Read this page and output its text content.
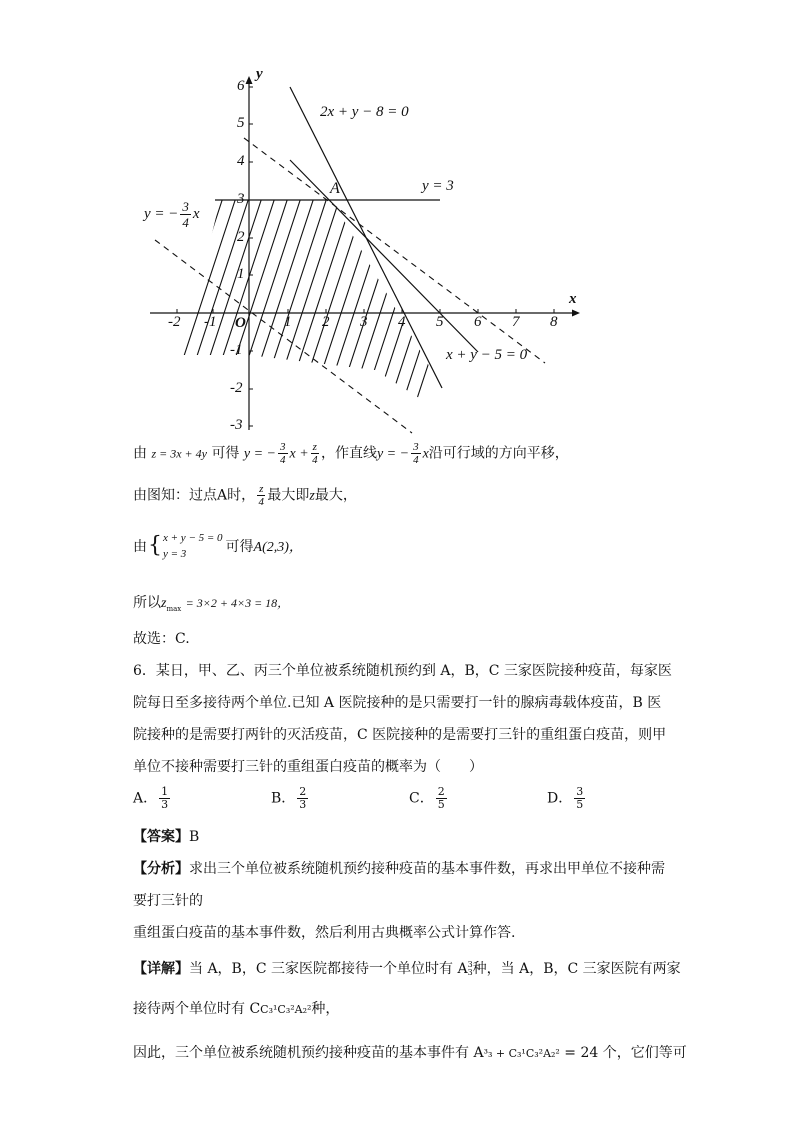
y
x
O
6
5
4
3
2
1
-1
-2
-3
-2 -1	1 2 3 4 5 6 7 8
2x + y − 8 = 0
y = 3
x + y − 5 = 0
A
y = − $\frac{3}{4}$ x
由 z = 3x + 4y 可得 y = − $\frac{3}{4}$ $x + \frac{z}{4}$ ，作直线y = − $\frac{3}{4}$ x沿可行域的方向平移，
由图知：过点A时， $\frac{z}{4}$ 最大即z最大，
由 { x + y − 5 = 0
y = 3	可得 A(2,3)，
所以$z_{max} = 3\times 2 + 4\times 3 = 18$，
故选：C.
6．某日，甲、乙、丙三个单位被系统随机预约到 A，B，C 三家医院接种疫苗，每家医
院每日至多接待两个单位.已知 A 医院接种的是只需要打一针的腺病毒载体疫苗，B 医
院接种的是需要打两针的灭活疫苗，C 医院接种的是需要打三针的重组蛋白疫苗，则甲
单位不接种需要打三针的重组蛋白疫苗的概率为（　　）
A． $\frac{1}{3}$	B． $\frac{2}{3}$	C． $\frac{2}{5}$	D． $\frac{3}{5}$
【答案】B
【分析】求出三个单位被系统随机预约接种疫苗的基本事件数，再求出甲单位不接种需
要打三针的
重组蛋白疫苗的基本事件数，然后利用古典概率公式计算作答.
【详解】当 A，B，C 三家医院都接待一个单位时有 A 3
3 种，当 A，B，C 三家医院有两家
接待两个单位时有 CC₃¹C₃²A₂²种，
因此，三个单位被系统随机预约接种疫苗的基本事件有 A³₃ + C₃¹C₃²A₂² = 24 个，它们等可
